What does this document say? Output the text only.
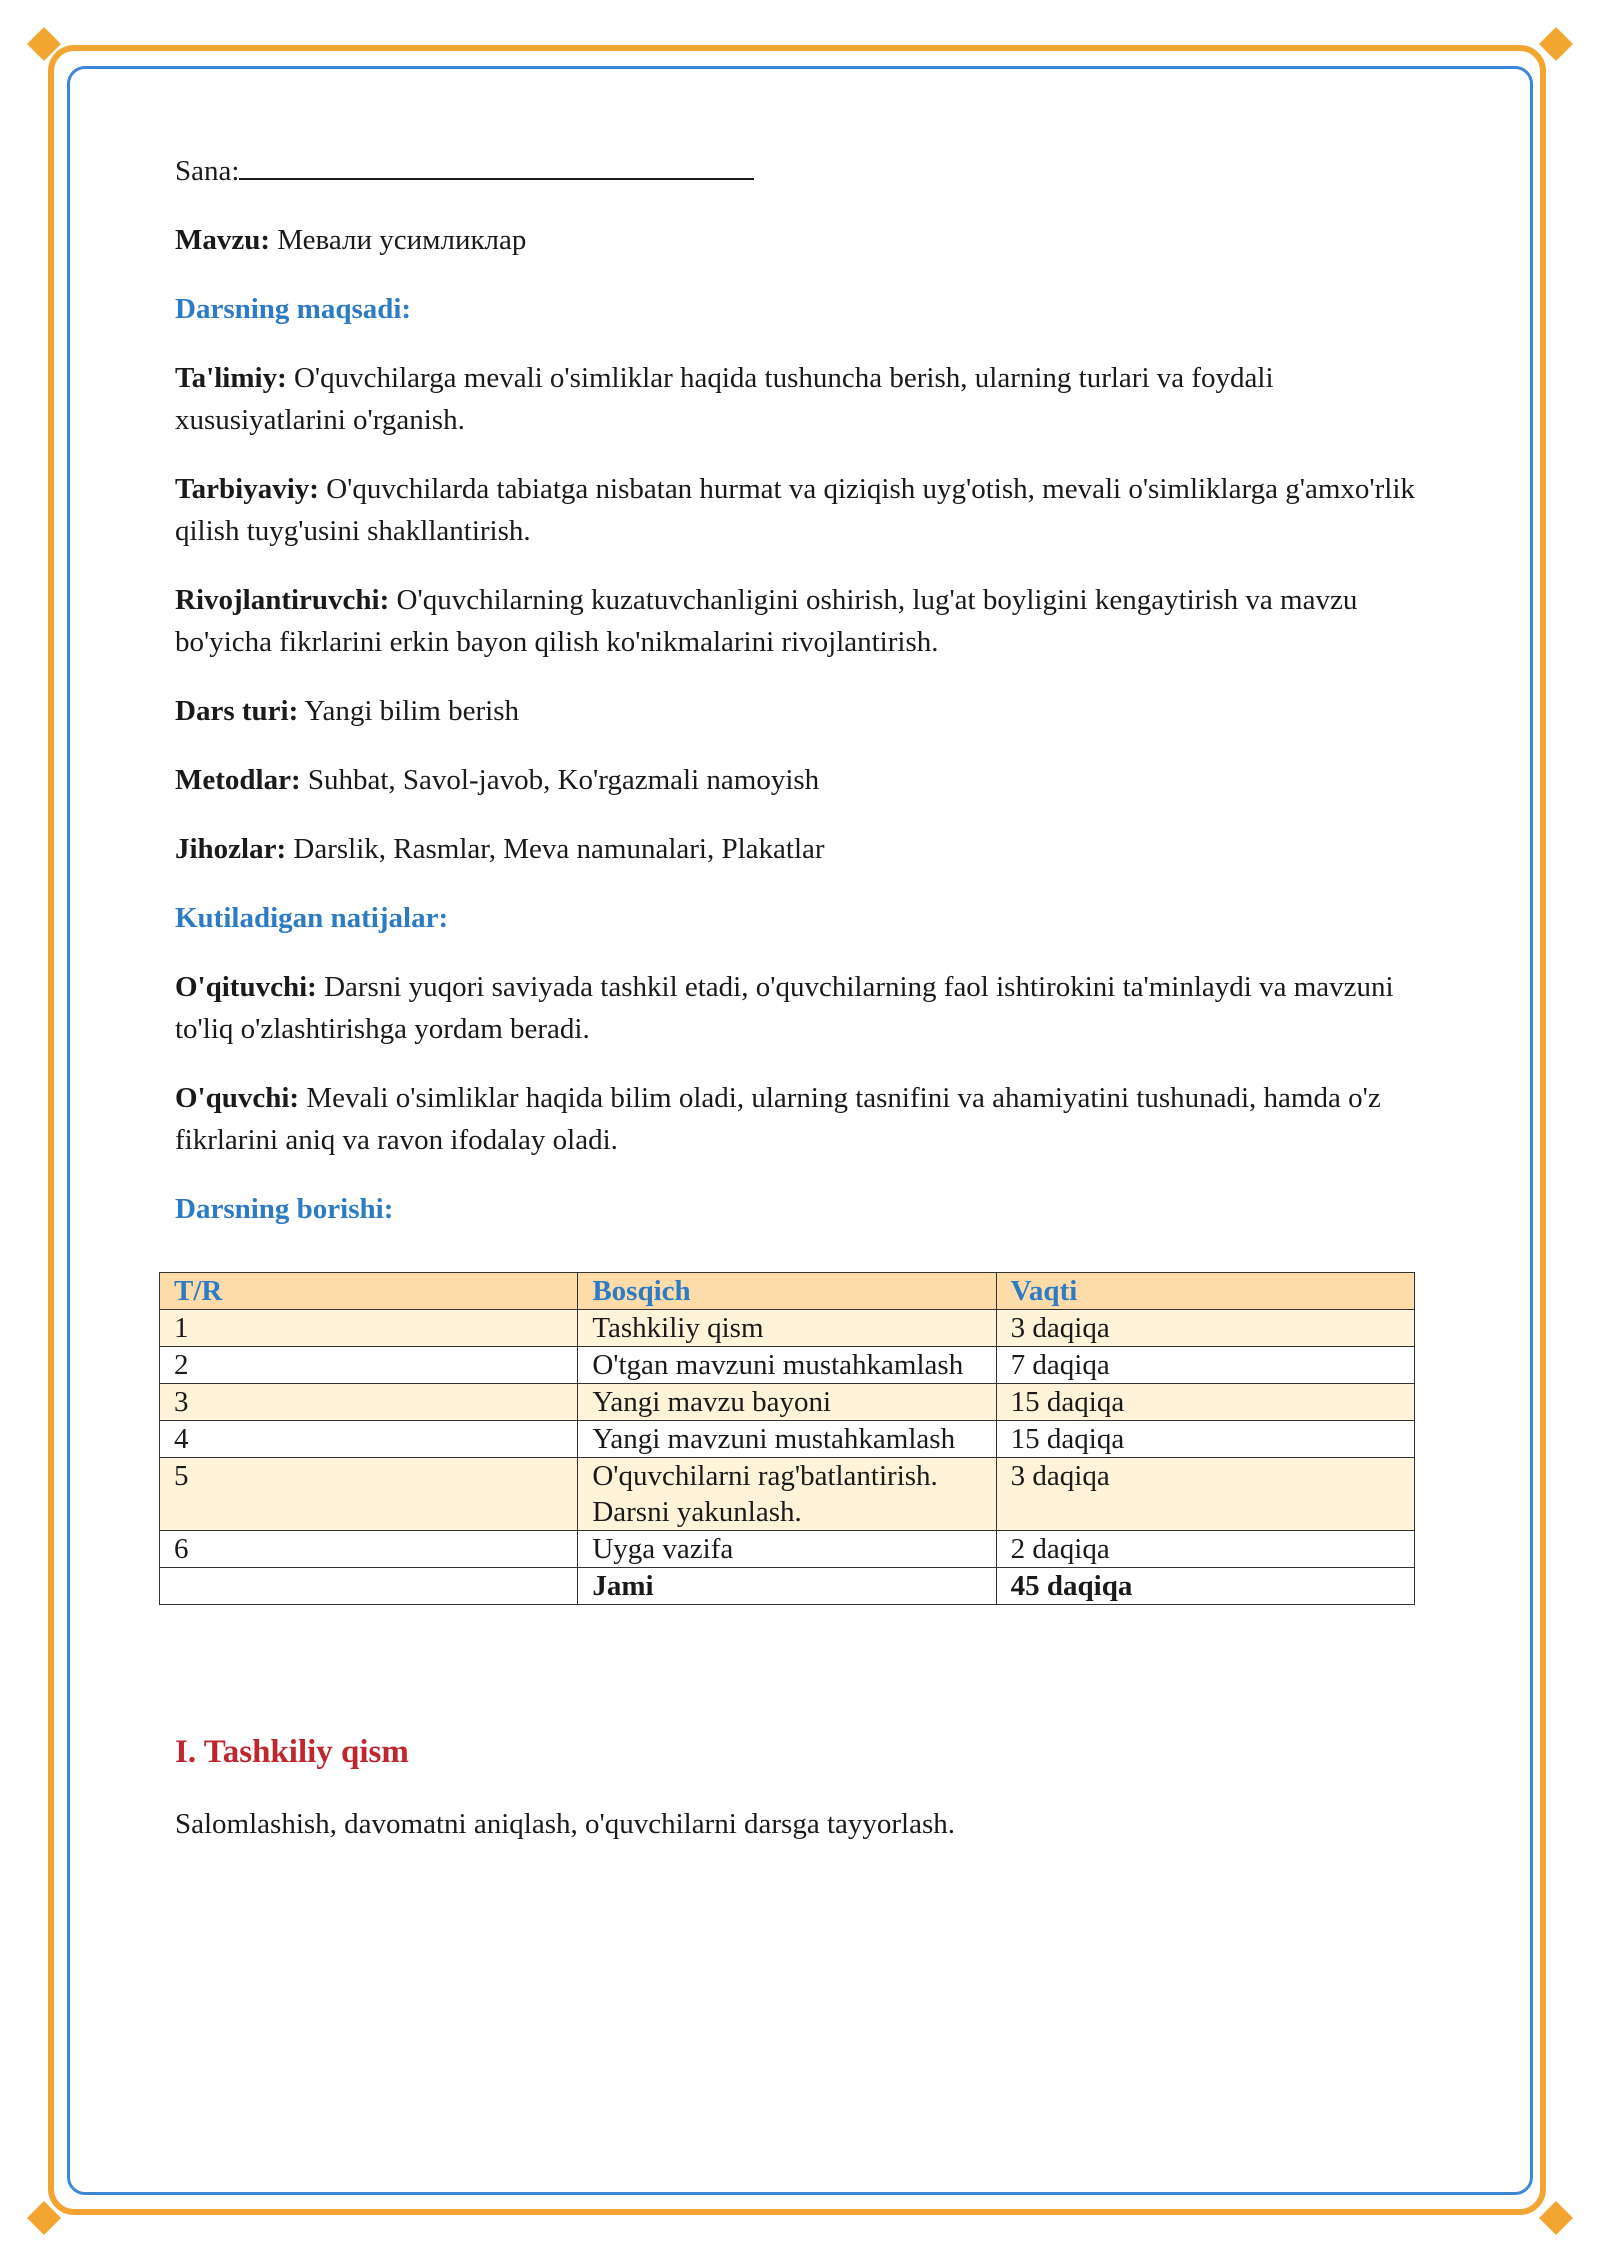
Sana:

Mavzu: Мевали усимликлар

Darsning maqsadi:

Ta'limiy: O'quvchilarga mevali o'simliklar haqida tushuncha berish, ularning turlari va foydali xususiyatlarini o'rganish.

Tarbiyaviy: O'quvchilarda tabiatga nisbatan hurmat va qiziqish uyg'otish, mevali o'simliklarga g'amxo'rlik qilish tuyg'usini shakllantirish.

Rivojlantiruvchi: O'quvchilarning kuzatuvchanligini oshirish, lug'at boyligini kengaytirish va mavzu bo'yicha fikrlarini erkin bayon qilish ko'nikmalarini rivojlantirish.

Dars turi: Yangi bilim berish

Metodlar: Suhbat, Savol-javob, Ko'rgazmali namoyish

Jihozlar: Darslik, Rasmlar, Meva namunalari, Plakatlar

Kutiladigan natijalar:

O'qituvchi: Darsni yuqori saviyada tashkil etadi, o'quvchilarning faol ishtirokini ta'minlaydi va mavzuni to'liq o'zlashtirishga yordam beradi.

O'quvchi: Mevali o'simliklar haqida bilim oladi, ularning tasnifini va ahamiyatini tushunadi, hamda o'z fikrlarini aniq va ravon ifodalay oladi.

Darsning borishi:

T/R	Bosqich	Vaqti
1	Tashkiliy qism	3 daqiqa
2	O'tgan mavzuni mustahkamlash	7 daqiqa
3	Yangi mavzu bayoni	15 daqiqa
4	Yangi mavzuni mustahkamlash	15 daqiqa
5	O'quvchilarni rag'batlantirish. Darsni yakunlash.	3 daqiqa
6	Uyga vazifa	2 daqiqa
	Jami	45 daqiqa
I. Tashkiliy qism
Salomlashish, davomatni aniqlash, o'quvchilarni darsga tayyorlash.
